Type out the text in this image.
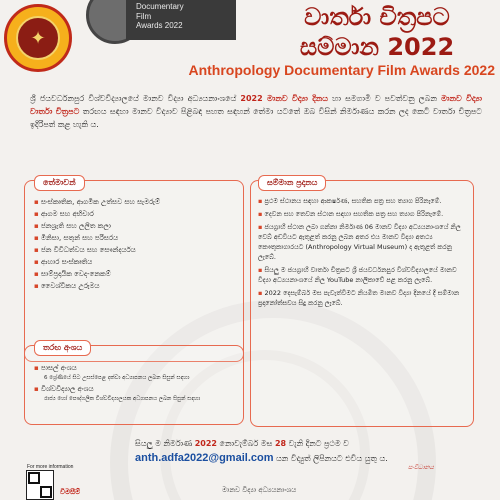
✦
Documentary
Film
Awards 2022	වාර්තා චිත්‍රපට
සම්මාන 2022
Anthropology Documentary Film Awards 2022
ශ්‍රී ජයවර්ධනපුර විශ්වවිද්‍යාලයේ මානව විද්‍යා අධ්‍යයනාංශයේ 2022 මානව විද්‍යා දිනය හා සමගාමී ව පවත්වනු ලබන මානව විද්‍යා වාර්තා චිත්‍රපට තරඟය සඳහා මානව විද්‍යාව පිළිබඳ පහත සඳහන් තේමා යටතේ ඔබ විසින් නිර්මාණය කරන ලද කෙටි වාර්තා චිත්‍රපට ඉදිරිපත් කළ හැකි ය.
තේමාවන්
▪ සංස්කෘතික, ආගමික උත්සව සහ සැමරුම්
▪ ආගම සහ අභිචාර
▪ ජනශ්‍රැති සහ ලලිත කලා
▪ මිනිසා, සතුන් සහ පරිසරය
▪ ජන විවිධත්වය සහ සෞන්දර්යය
▪ ආහාර සංස්කෘතිය
▪ සාම්ප්‍රදායික වෙද-නෙකම්
▪ වෛශ්විකය උරුමය
සම්මාන ප්‍රදානය
▪ ප්‍රථම ස්ථානය සඳහා ආකර්ෂණ, සහතික පත්‍ර සහ ත්‍යාග පිරිනැමේ.
▪ දෙවන සහ තෙවන ස්ථාන සඳහා සහතික පත්‍ර සහ ත්‍යාග පිරිනැමේ.
▪ ජයග්‍රාහී ස්ථාන ලබා ගන්නා නිර්මාණ 06 මානව විද්‍යා අධ්‍යයනාංශයේ නිල වෙබ් අඩවියට ඇතුළත් කරනු ලබන අතර එය මානව විද්‍යා අතථ්‍ය කෞතුකාගාරයට (Anthropology Virtual Museum) ද ඇතුළත් කරනු ලැබේ.
▪ සියලු ම ජයග්‍රාහී වාර්තා චිත්‍රපට ශ්‍රී ජයවර්ධනපුර විශ්වවිද්‍යාලයේ මානව විද්‍යා අධ්‍යයනාංශයේ නිල YouTube නාලිකාවේ පළ කරනු ලැබේ.
▪ 2022 දෙසැම්බර් මස පැවැත්වීමට නියමිත මානව විද්‍යා දිනයේ දී සම්මාන ප්‍රදානෝත්සවය සිදු කරනු ලැබේ.
තරඟ අංශය
▪ පාසල් අංශය
6 ශ්‍රේණියේ සිට උසස්පෙළ දක්වා අධ්‍යාපනය ලබන සිසුන් සඳහා
▪ විශ්වවිද්‍යාල අංශය
රාජ්‍ය හෝ පෞද්ගලික විශ්වවිද්‍යාලයක අධ්‍යාපනය ලබන සිසුන් සඳහා
සියලු ම නිර්මාණ 2022 නොවැම්බර් මස 28 වැනි දිනට ප්‍රථම ව
anth.adfa2022@gmail.com යන විද්‍යුත් ලිපිනයට එවිය යුතු ය.
For more information
විමසීම්	මානව විද්‍යා අධ්‍යයනාංශය
සංවිධානය
